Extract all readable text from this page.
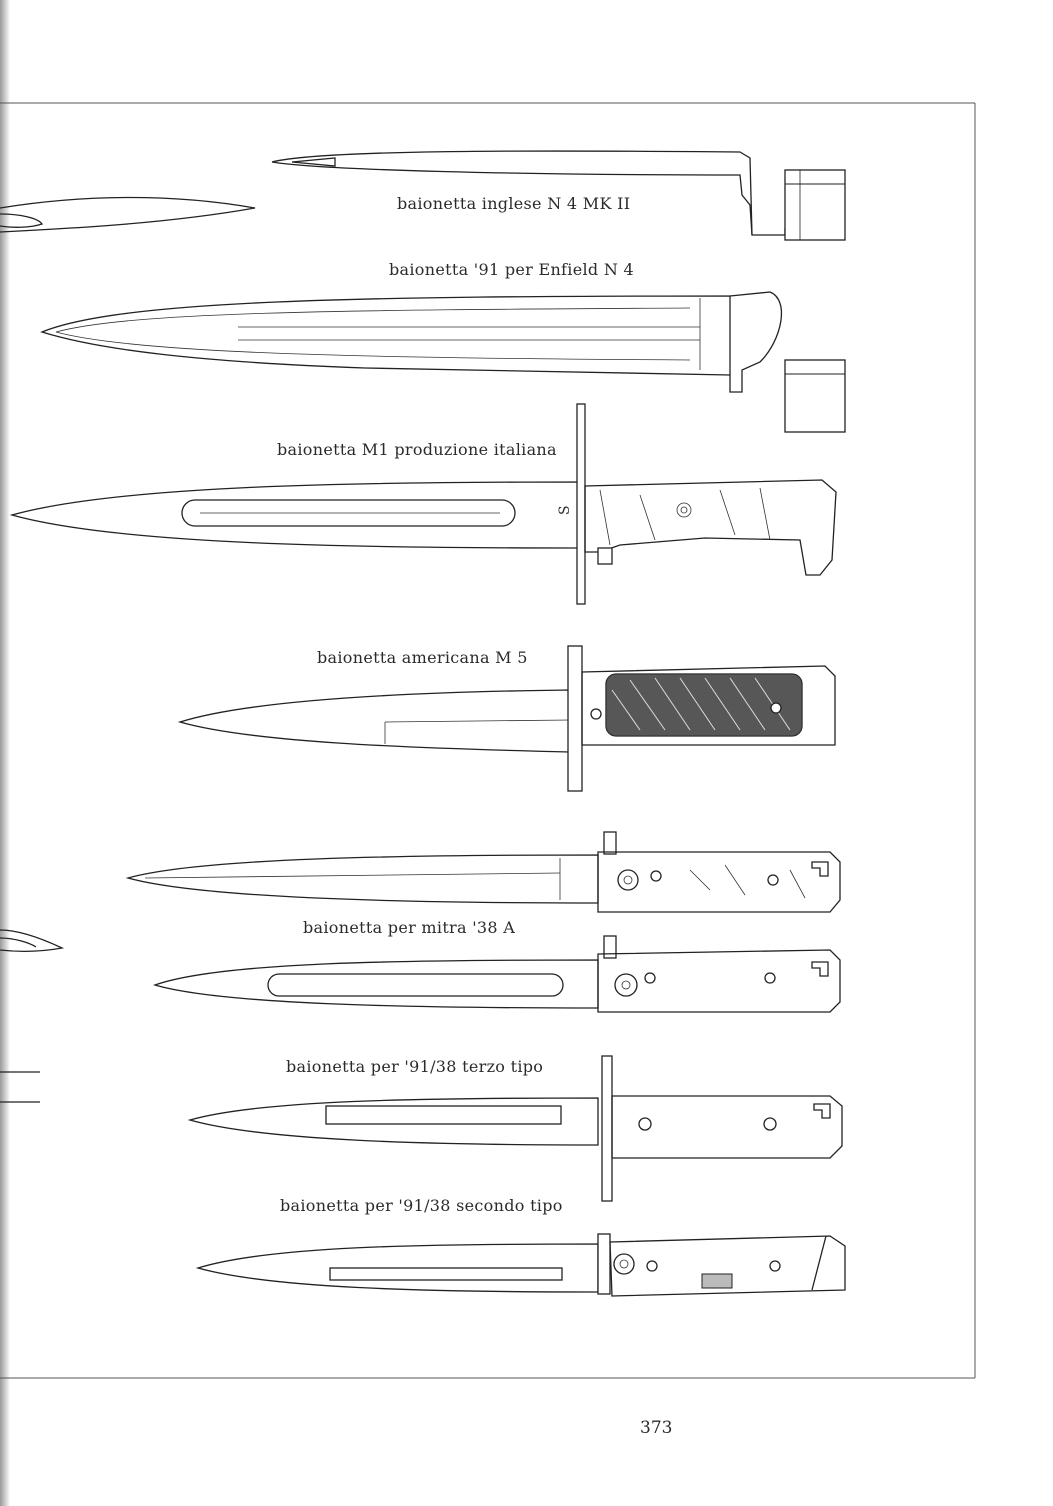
baionetta inglese N 4 MK II
baionetta '91 per Enfield N 4
baionetta M1 produzione italiana
baionetta americana M 5
baionetta per mitra '38 A
baionetta per '91/38 terzo tipo
baionetta per '91/38 secondo tipo
S
373
